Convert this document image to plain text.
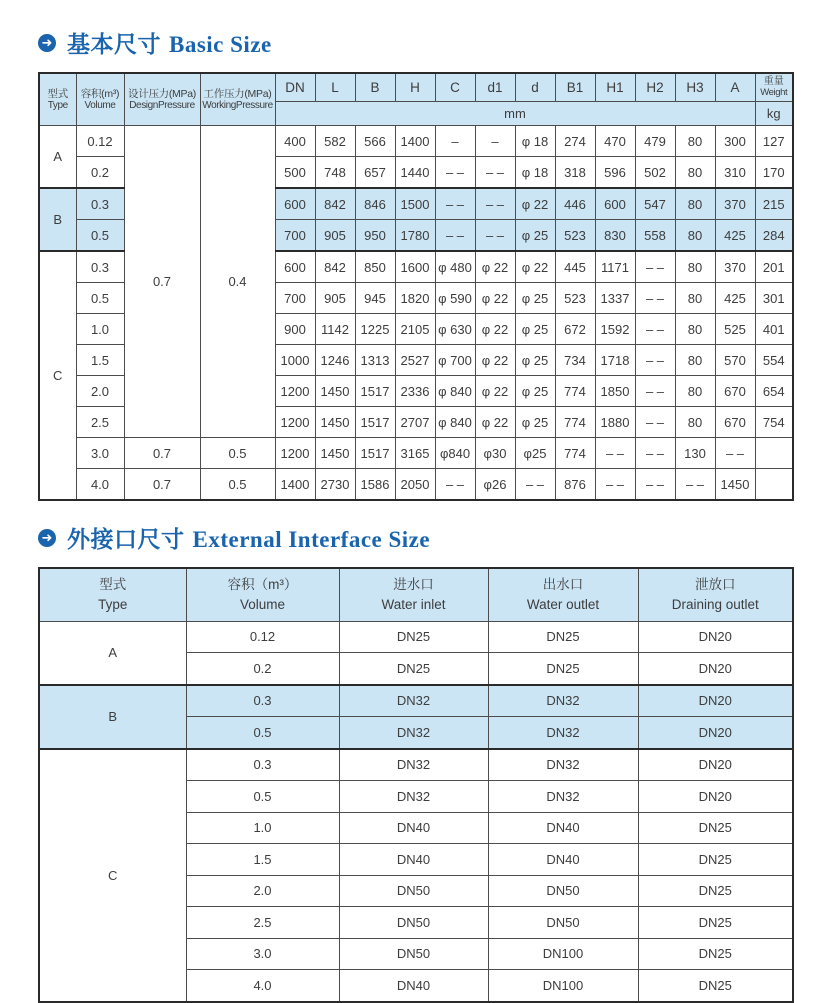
➜ 基本尺寸 Basic Size
型式
Type	容积(m³)
Volume	设计压力(MPa)
DesignPressure	工作压力(MPa)
WorkingPressure	DN	L	B	H	C	d1	d	B1	H1	H2	H3	A	重量
Weight

				mm												kg
A	0.12	0.7	0.4	400	582	566	1400	–	–	φ 18	274	470	479	80	300	127
	0.2			500	748	657	1440	– –	– –	φ 18	318	596	502	80	310	170
B	0.3			600	842	846	1500	– –	– –	φ 22	446	600	547	80	370	215
	0.5			700	905	950	1780	– –	– –	φ 25	523	830	558	80	425	284
C	0.3			600	842	850	1600	φ 480	φ 22	φ 22	445	1171	– –	80	370	201
	0.5			700	905	945	1820	φ 590	φ 22	φ 25	523	1337	– –	80	425	301
	1.0			900	1142	1225	2105	φ 630	φ 22	φ 25	672	1592	– –	80	525	401
	1.5			1000	1246	1313	2527	φ 700	φ 22	φ 25	734	1718	– –	80	570	554
	2.0			1200	1450	1517	2336	φ 840	φ 22	φ 25	774	1850	– –	80	670	654
	2.5			1200	1450	1517	2707	φ 840	φ 22	φ 25	774	1880	– –	80	670	754
	3.0	0.7	0.5	1200	1450	1517	3165	φ840	φ30	φ25	774	– –	– –	130	– –	
	4.0	0.7	0.5	1400	2730	1586	2050	– –	φ26	– –	876	– –	– –	– –	1450	
➜ 外接口尺寸 External Interface Size
型式
Type	容积（m³）
Volume	进水口
Water inlet	出水口
Water outlet	泄放口
Draining outlet
A	0.12	DN25	DN25	DN20
	0.2	DN25	DN25	DN20
B	0.3	DN32	DN32	DN20
	0.5	DN32	DN32	DN20
C	0.3	DN32	DN32	DN20
	0.5	DN32	DN32	DN20
	1.0	DN40	DN40	DN25
	1.5	DN40	DN40	DN25
	2.0	DN50	DN50	DN25
	2.5	DN50	DN50	DN25
	3.0	DN50	DN100	DN25
	4.0	DN40	DN100	DN25
